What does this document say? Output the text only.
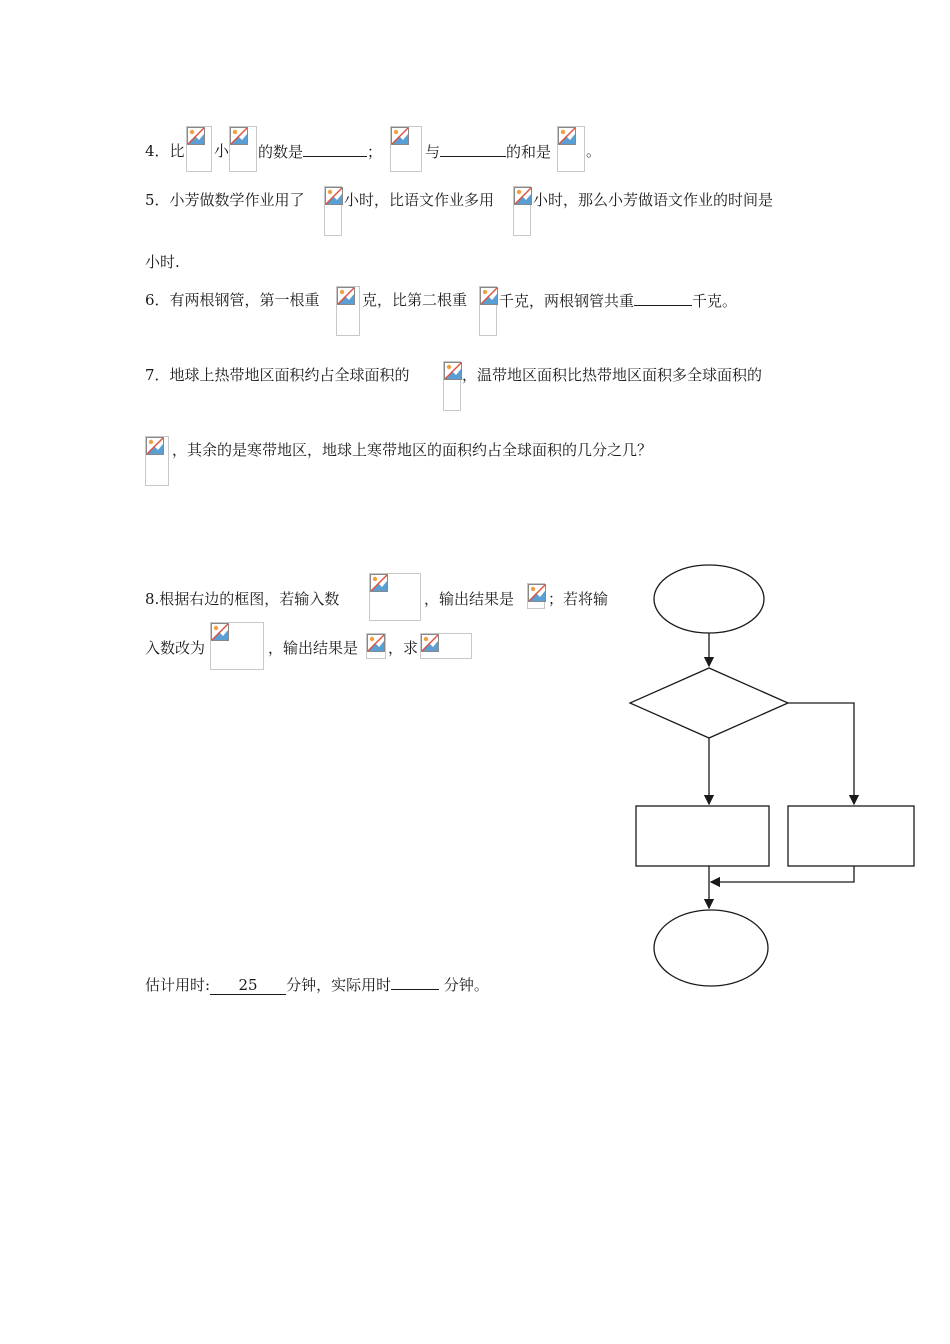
4．比 小 的数是	；	与	的和是 。
5．小芳做数学作业用了	小时，比语文作业多用	小时，那么小芳做语文作业的时间是
小时.
6．有两根钢管，第一根重	克，比第二根重 千克，两根钢管共重	千克。
7．地球上热带地区面积约占全球面积的	，温带地区面积比热带地区面积多全球面积的
，其余的是寒带地区，地球上寒带地区的面积约占全球面积的几分之几？
8.根据右边的框图，若输入数	，输出结果是 ；若将输
入数改为	，输出结果是 ，求
估计用时: 25 分钟，实际用时	分钟。
